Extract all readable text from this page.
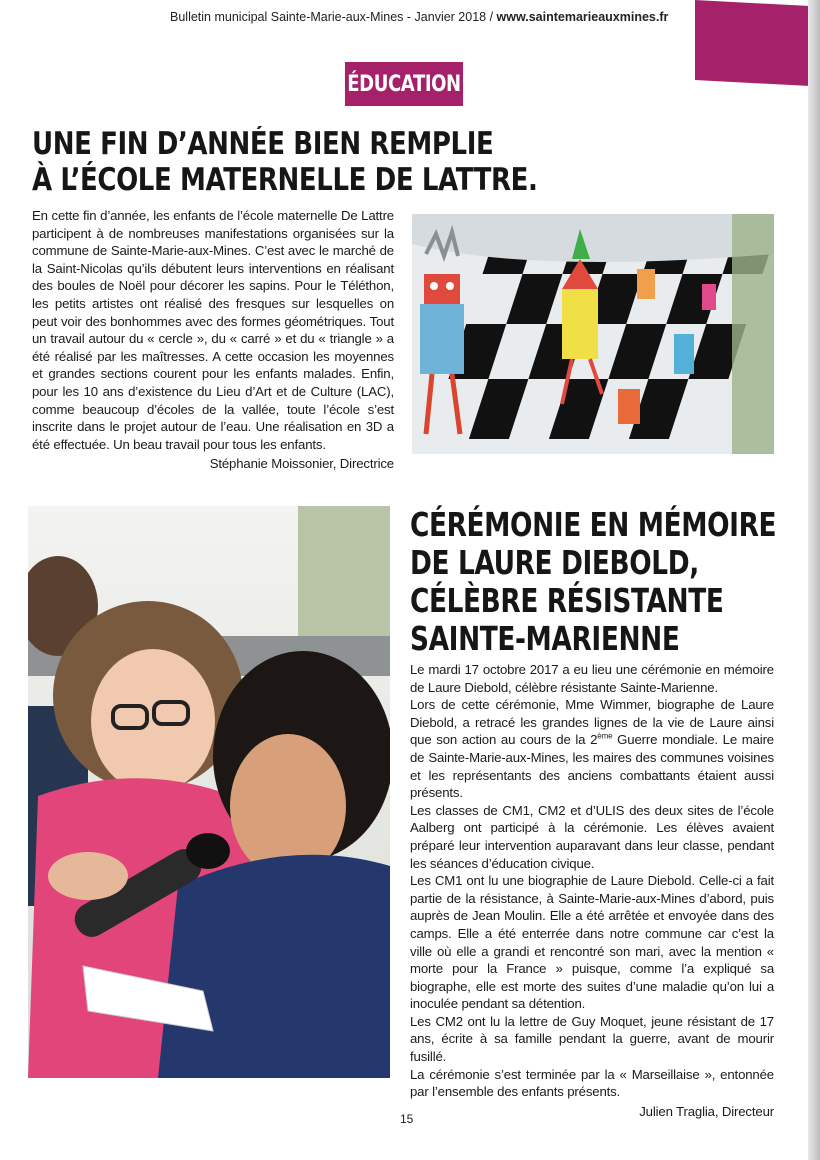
Bulletin municipal Sainte-Marie-aux-Mines - Janvier 2018 / www.saintemarieauxmines.fr
ÉDUCATION
UNE FIN D’ANNÉE BIEN REMPLIE
À L’ÉCOLE MATERNELLE DE LATTRE.
En cette fin d’année, les enfants de l’école maternelle De Lattre participent à de nombreuses manifestations organisées sur la commune de Sainte-Marie-aux-Mines. C’est avec le marché de la Saint-Nicolas qu’ils débutent leurs interventions en réalisant des boules de Noël pour décorer les sapins. Pour le Téléthon, les petits artistes ont réalisé des fresques sur lesquelles on peut voir des bonhommes avec des formes géométriques. Tout un travail autour du « cercle », du « carré » et du « triangle » a été réalisé par les maîtresses. A cette occasion les moyennes et grandes sections courent pour les enfants malades. Enfin, pour les 10 ans d’existence du Lieu d’Art et de Culture (LAC), comme beaucoup d’écoles de la vallée, toute l’école s’est inscrite dans le projet autour de l’eau. Une réalisation en 3D a été effectuée. Un beau travail pour tous les enfants.
Stéphanie Moissonier, Directrice
CÉRÉMONIE EN MÉMOIRE
DE LAURE DIEBOLD,
CÉLÈBRE RÉSISTANTE
SAINTE-MARIENNE

Le mardi 17 octobre 2017 a eu lieu une cérémonie en mémoire de Laure Diebold, célèbre résistante Sainte-Marienne.

Lors de cette cérémonie, Mme Wimmer, biographe de Laure Diebold, a retracé les grandes lignes de la vie de Laure ainsi que son action au cours de la 2ème Guerre mondiale. Le maire de Sainte-Marie-aux-Mines, les maires des communes voisines et les représentants des anciens combattants étaient aussi présents.

Les classes de CM1, CM2 et d’ULIS des deux sites de l’école Aalberg ont participé à la cérémonie. Les élèves avaient préparé leur intervention auparavant dans leur classe, pendant les séances d’éducation civique.

Les CM1 ont lu une biographie de Laure Diebold. Celle-ci a fait partie de la résistance, à Sainte-Marie-aux-Mines d’abord, puis auprès de Jean Moulin. Elle a été arrêtée et envoyée dans des camps. Elle a été enterrée dans notre commune car c’est la ville où elle a grandi et rencontré son mari, avec la mention « morte pour la France » puisque, comme l’a expliqué sa biographe, elle est morte des suites d’une maladie qu’on lui a inoculée pendant sa détention.

Les CM2 ont lu la lettre de Guy Moquet, jeune résistant de 17 ans, écrite à sa famille pendant la guerre, avant de mourir fusillé.

La cérémonie s’est terminée par la « Marseillaise », entonnée par l’ensemble des enfants présents.

Julien Traglia, Directeur
15
